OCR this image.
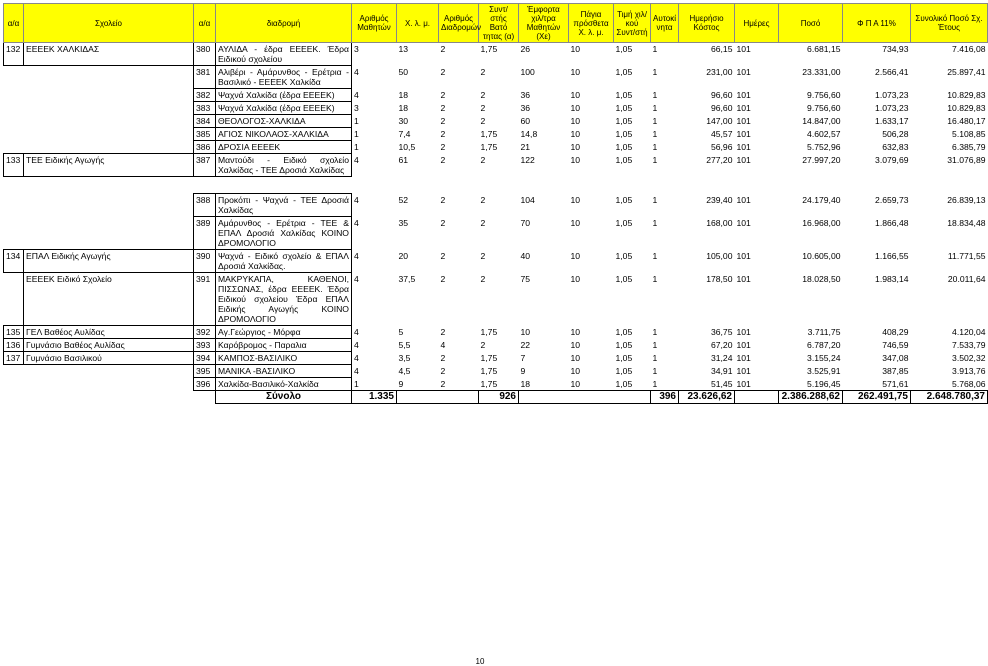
α/α	Σχολείο	α/α	διαδρομή	Αριθμός Μαθητών	Χ. λ. μ.	Αριθμός Διαδρομών	Συντ/στής Βατό τητας (α)	Έμφορτα χιλ/τρα Μαθητών (Χε)	Πάγια πρόσθετα Χ. λ. μ.	Τιμή χιλ/κού Συντ/στή	Αυτοκί νητα	Ημερήσιο Κόστος	Ημέρες	Ποσό	Φ Π Α 11%	Συνολικό Ποσό Σχ. Έτους
132	ΕΕΕΕΚ ΧΑΛΚΙΔΑΣ	380	ΑΥΛΙΔΑ - έδρα ΕΕΕΕΚ. Έδρα Ειδικού σχολείου	3	13	2	1,75	26	10	1,05	1	66,15	101	6.681,15	734,93	7.416,08
		381	Αλιβέρι - Αμάρυνθος - Ερέτρια - Βασιλικό - ΕΕΕΕΚ Χαλκίδα	4	50	2	2	100	10	1,05	1	231,00	101	23.331,00	2.566,41	25.897,41
		382	Ψαχνά Χαλκίδα (έδρα ΕΕΕΕΚ)	4	18	2	2	36	10	1,05	1	96,60	101	9.756,60	1.073,23	10.829,83
		383	Ψαχνά Χαλκίδα (έδρα ΕΕΕΕΚ)	3	18	2	2	36	10	1,05	1	96,60	101	9.756,60	1.073,23	10.829,83
		384	ΘΕΟΛΟΓΟΣ-ΧΑΛΚΙΔΑ	1	30	2	2	60	10	1,05	1	147,00	101	14.847,00	1.633,17	16.480,17
		385	ΑΓΙΟΣ ΝΙΚΟΛΑΟΣ-ΧΑΛΚΙΔΑ	1	7,4	2	1,75	14,8	10	1,05	1	45,57	101	4.602,57	506,28	5.108,85
		386	ΔΡΟΣΙΑ ΕΕΕΕΚ	1	10,5	2	1,75	21	10	1,05	1	56,96	101	5.752,96	632,83	6.385,79
133	ΤΕΕ Ειδικής Αγωγής	387	Μαντούδι - Ειδικό σχολείο Χαλκίδας - ΤΕΕ Δροσιά Χαλκίδας	4	61	2	2	122	10	1,05	1	277,20	101	27.997,20	3.079,69	31.076,89

		388	Προκόπι - Ψαχνά - ΤΕΕ Δροσιά Χαλκίδας	4	52	2	2	104	10	1,05	1	239,40	101	24.179,40	2.659,73	26.839,13
		389	Αμάρυνθος - Ερέτρια - ΤΕΕ & ΕΠΑΛ Δροσιά Χαλκίδας ΚΟΙΝΟ ΔΡΟΜΟΛΟΓΙΟ	4	35	2	2	70	10	1,05	1	168,00	101	16.968,00	1.866,48	18.834,48
134	ΕΠΑΛ Ειδικής Αγωγής	390	Ψαχνά - Ειδικό σχολείο & ΕΠΑΛ Δροσιά Χαλκίδας.	4	20	2	2	40	10	1,05	1	105,00	101	10.605,00	1.166,55	11.771,55
	ΕΕΕΕΚ Ειδικό Σχολείο	391	ΜΑΚΡΥΚΑΠΑ, ΚΑΘΕΝΟΙ, ΠΙΣΣΩΝΑΣ, έδρα ΕΕΕΕΚ. Έδρα Ειδικού σχολείου Έδρα ΕΠΑΛ Ειδικής Αγωγής ΚΟΙΝΟ ΔΡΟΜΟΛΟΓΙΟ	4	37,5	2	2	75	10	1,05	1	178,50	101	18.028,50	1.983,14	20.011,64
135	ΓΕΛ Βαθέος Αυλίδας	392	Αγ.Γεώργιος - Μόρφα	4	5	2	1,75	10	10	1,05	1	36,75	101	3.711,75	408,29	4.120,04
136	Γυμνάσιο Βαθέος Αυλίδας	393	Καρόβρομος - Παραλια	4	5,5	4	2	22	10	1,05	1	67,20	101	6.787,20	746,59	7.533,79
137	Γυμνάσιο Βασιλικού	394	ΚΑΜΠΟΣ-ΒΑΣΙΛΙΚΟ	4	3,5	2	1,75	7	10	1,05	1	31,24	101	3.155,24	347,08	3.502,32
		395	ΜΑΝΙΚΑ -ΒΑΣΙΛΙΚΟ	4	4,5	2	1,75	9	10	1,05	1	34,91	101	3.525,91	387,85	3.913,76
		396	Χαλκίδα-Βασιλικό-Χαλκίδα	1	9	2	1,75	18	10	1,05	1	51,45	101	5.196,45	571,61	5.768,06
			Σύνολο	1.335			926				396	23.626,62		2.386.288,62	262.491,75	2.648.780,37
10
